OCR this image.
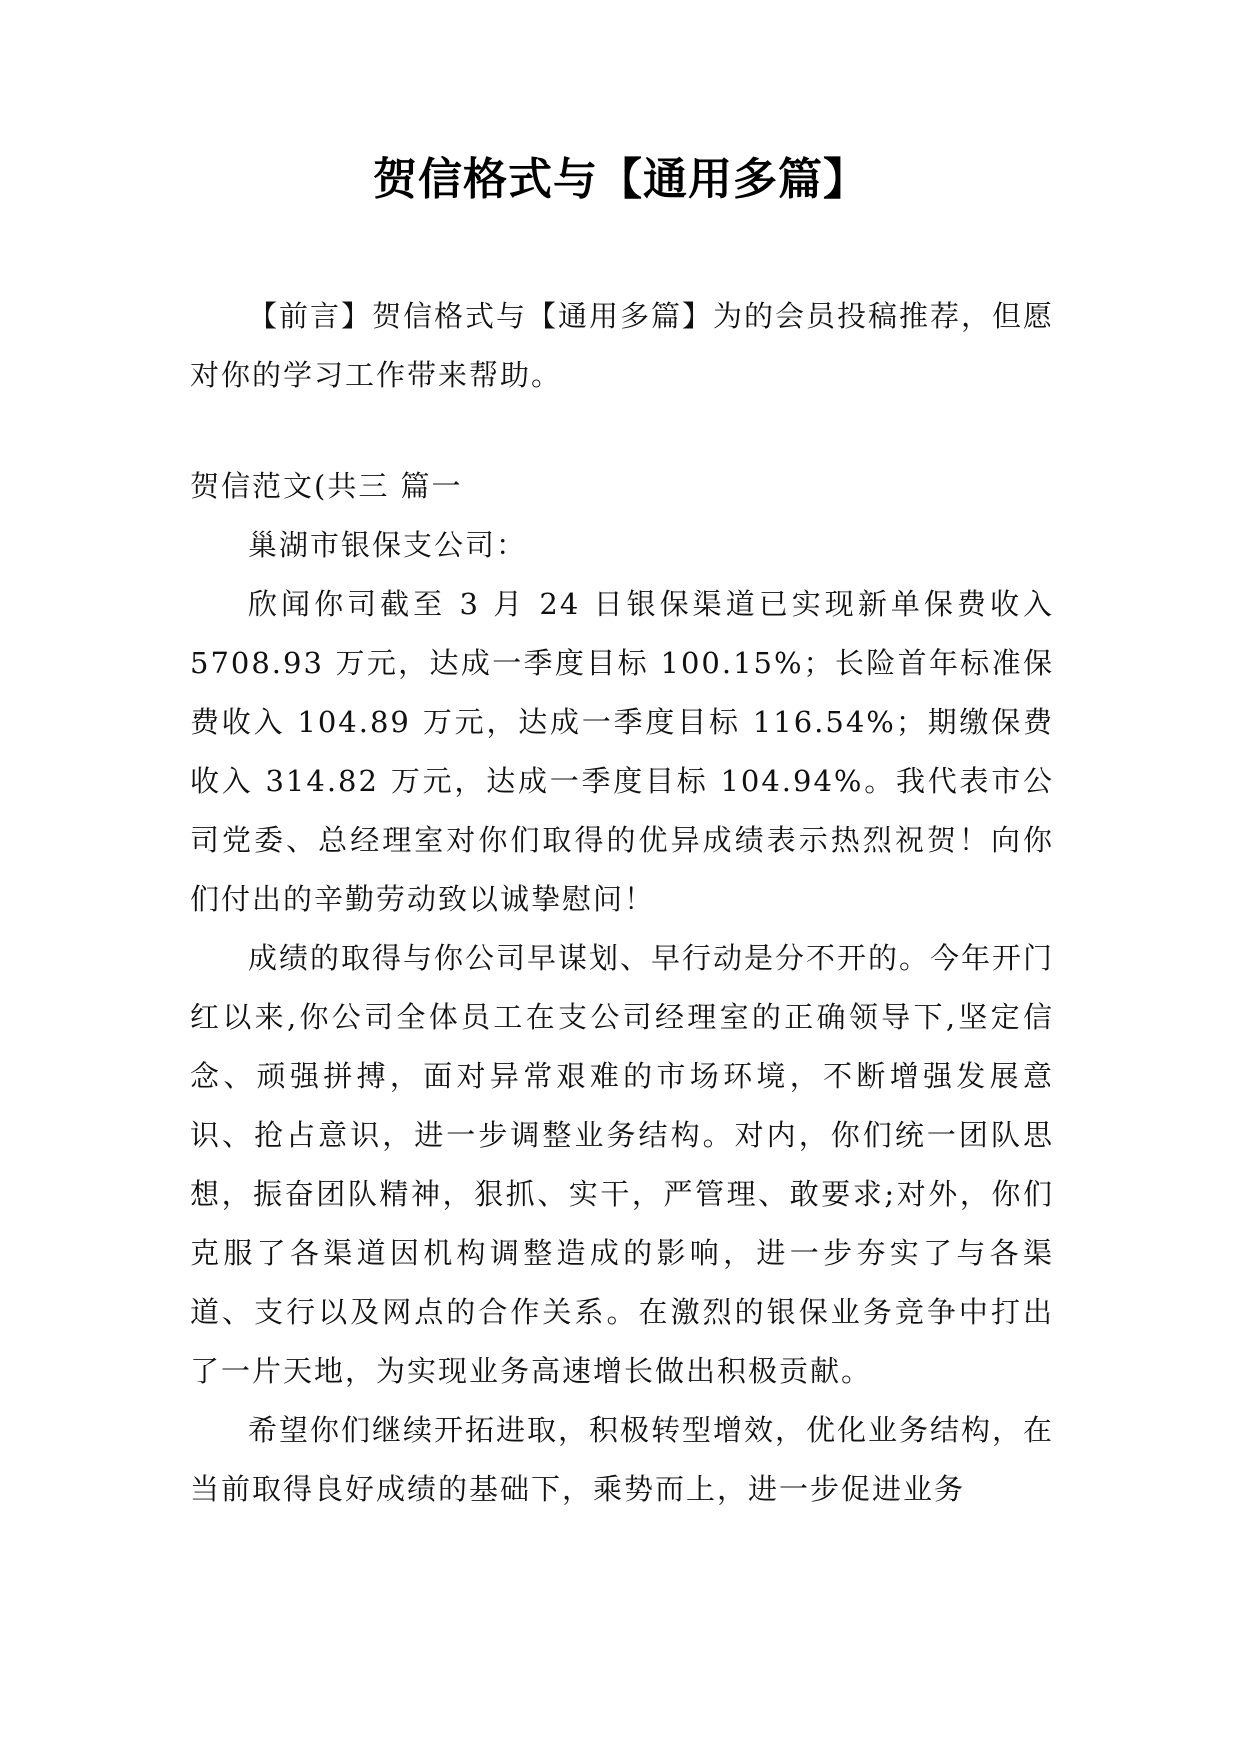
贺信格式与【通用多篇】

【前言】贺信格式与【通用多篇】为的会员投稿推荐，但愿对你的学习工作带来帮助。

贺信范文(共三 篇一

巢湖市银保支公司：

欣闻你司截至 3 月 24 日银保渠道已实现新单保费收入 5708.93 万元，达成一季度目标 100.15%；长险首年标准保费收入 104.89 万元，达成一季度目标 116.54%；期缴保费收入 314.82 万元，达成一季度目标 104.94%。我代表市公司党委、总经理室对你们取得的优异成绩表示热烈祝贺！向你们付出的辛勤劳动致以诚挚慰问！

成绩的取得与你公司早谋划、早行动是分不开的。今年开门红以来,你公司全体员工在支公司经理室的正确领导下,坚定信念、顽强拼搏，面对异常艰难的市场环境，不断增强发展意识、抢占意识，进一步调整业务结构。对内，你们统一团队思想，振奋团队精神，狠抓、实干，严管理、敢要求;对外，你们克服了各渠道因机构调整造成的影响，进一步夯实了与各渠道、支行以及网点的合作关系。在激烈的银保业务竞争中打出了一片天地，为实现业务高速增长做出积极贡献。

希望你们继续开拓进取，积极转型增效，优化业务结构，在当前取得良好成绩的基础下，乘势而上，进一步促进业务
